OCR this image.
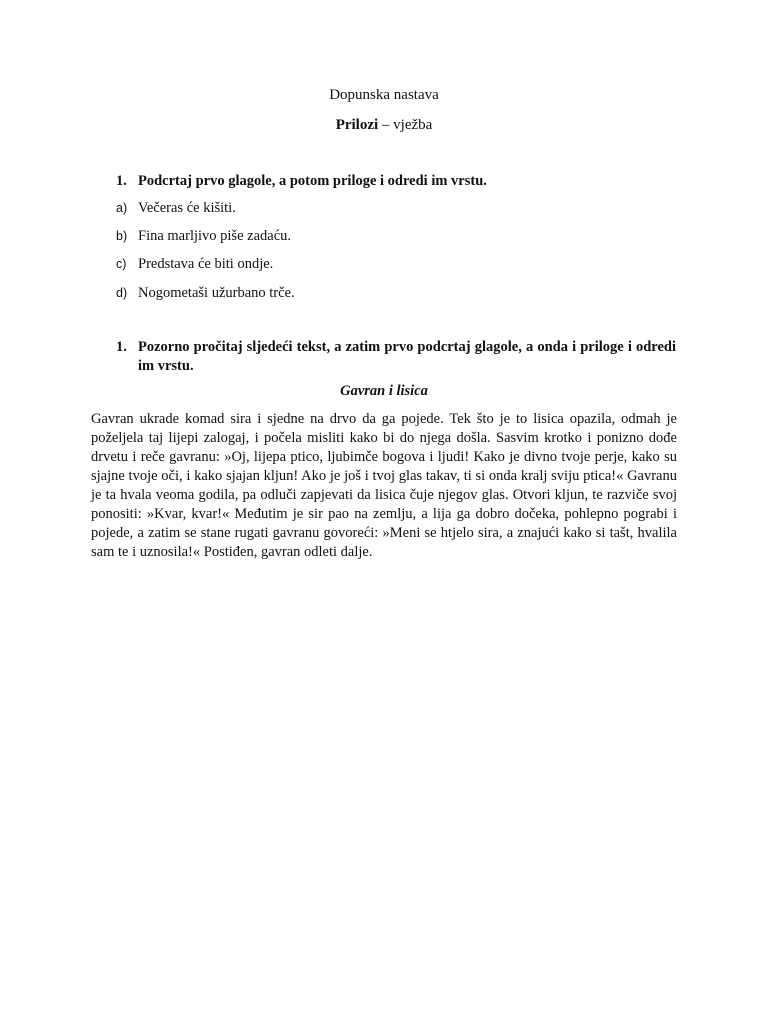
Dopunska nastava
Prilozi – vježba
1. Podcrtaj prvo glagole, a potom priloge i odredi im vrstu.
a) Večeras će kišiti.
b) Fina marljivo piše zadaću.
c) Predstava će biti ondje.
d) Nogometaši užurbano trče.
1. Pozorno pročitaj sljedeći tekst, a zatim prvo podcrtaj glagole, a onda i priloge i odredi im vrstu.
Gavran i lisica
Gavran ukrade komad sira i sjedne na drvo da ga pojede. Tek što je to lisica opazila, odmah je poželjela taj lijepi zalogaj, i počela misliti kako bi do njega došla. Sasvim krotko i ponizno dođe drvetu i reče gavranu: »Oj, lijepa ptico, ljubimče bogova i ljudi! Kako je divno tvoje perje, kako su sjajne tvoje oči, i kako sjajan kljun! Ako je još i tvoj glas takav, ti si onda kralj sviju ptica!« Gavranu je ta hvala veoma godila, pa odluči zapjevati da lisica čuje njegov glas. Otvori kljun, te razviče svoj ponositi: »Kvar, kvar!« Međutim je sir pao na zemlju, a lija ga dobro dočeka, pohlepno pograbi i pojede, a zatim se stane rugati gavranu govoreći: »Meni se htjelo sira, a znajući kako si tašt, hvalila sam te i uznosila!« Postiđen, gavran odleti dalje.
